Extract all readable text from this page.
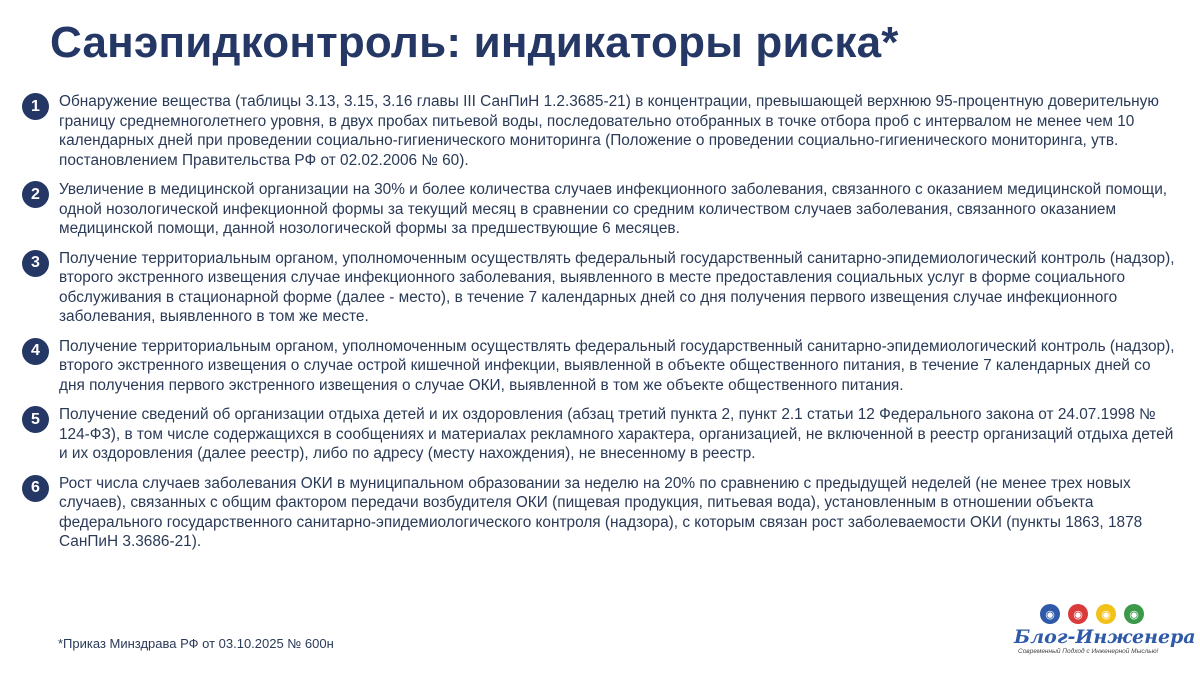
Санэпидконтроль: индикаторы риска*
1	Обнаружение вещества (таблицы 3.13, 3.15, 3.16 главы III СанПиН 1.2.3685-21) в концентрации, превышающей верхнюю 95-процентную доверительную границу среднемноголетнего уровня, в двух пробах питьевой воды, последовательно отобранных в точке отбора проб с интервалом не менее чем 10 календарных дней при проведении социально-гигиенического мониторинга (Положение о проведении социально-гигиенического мониторинга, утв. постановлением Правительства РФ от 02.02.2006 № 60).
2	Увеличение в медицинской организации на 30% и более количества случаев инфекционного заболевания, связанного с оказанием медицинской помощи, одной нозологической инфекционной формы за текущий месяц в сравнении со средним количеством случаев заболевания, связанного оказанием медицинской помощи, данной нозологической формы за предшествующие 6 месяцев.
3	Получение территориальным органом, уполномоченным осуществлять федеральный государственный санитарно-эпидемиологический контроль (надзор), второго экстренного извещения случае инфекционного заболевания, выявленного в месте предоставления социальных услуг в форме социального обслуживания в стационарной форме (далее - место), в течение 7 календарных дней со дня получения первого извещения случае инфекционного заболевания, выявленного в том же месте.
4	Получение территориальным органом, уполномоченным осуществлять федеральный государственный санитарно-эпидемиологический контроль (надзор), второго экстренного извещения о случае острой кишечной инфекции, выявленной в объекте общественного питания, в течение 7 календарных дней со дня получения первого экстренного извещения о случае ОКИ, выявленной в том же объекте общественного питания.
5	Получение сведений об организации отдыха детей и их оздоровления (абзац третий пункта 2, пункт 2.1 статьи 12 Федерального закона от 24.07.1998 № 124-ФЗ), в том числе содержащихся в сообщениях и материалах рекламного характера, организацией, не включенной в реестр организаций отдыха детей и их оздоровления (далее реестр), либо по адресу (месту нахождения), не внесенному в реестр.
6	Рост числа случаев заболевания ОКИ в муниципальном образовании за неделю на 20% по сравнению с предыдущей неделей (не менее трех новых случаев), связанных с общим фактором передачи возбудителя ОКИ (пищевая продукция, питьевая вода), установленным в отношении объекта федерального государственного санитарно-эпидемиологического контроля (надзора), с которым связан рост заболеваемости ОКИ (пункты 1863, 1878 СанПиН 3.3686-21).
*Приказ Минздрава РФ от 03.10.2025 № 600н
◉	◉	◉	◉
Блог-Инженера
Современный Подход с Инженерной Мыслью!
